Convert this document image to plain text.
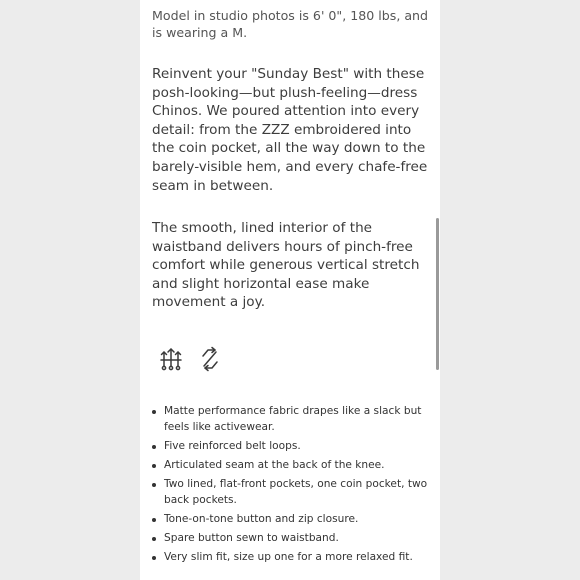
Model in studio photos is 6' 0", 180 lbs, and is wearing a M.

Reinvent your "Sunday Best" with these posh-looking—but plush-feeling—dress Chinos. We poured attention into every detail: from the ZZZ embroidered into the coin pocket, all the way down to the barely-visible hem, and every chafe-free seam in between.

The smooth, lined interior of the waistband delivers hours of pinch-free comfort while generous vertical stretch and slight horizontal ease make movement a joy.

Matte performance fabric drapes like a slack but feels like activewear.
Five reinforced belt loops.
Articulated seam at the back of the knee.
Two lined, flat-front pockets, one coin pocket, two back pockets.
Tone-on-tone button and zip closure.
Spare button sewn to waistband.
Very slim fit, size up one for a more relaxed fit.
